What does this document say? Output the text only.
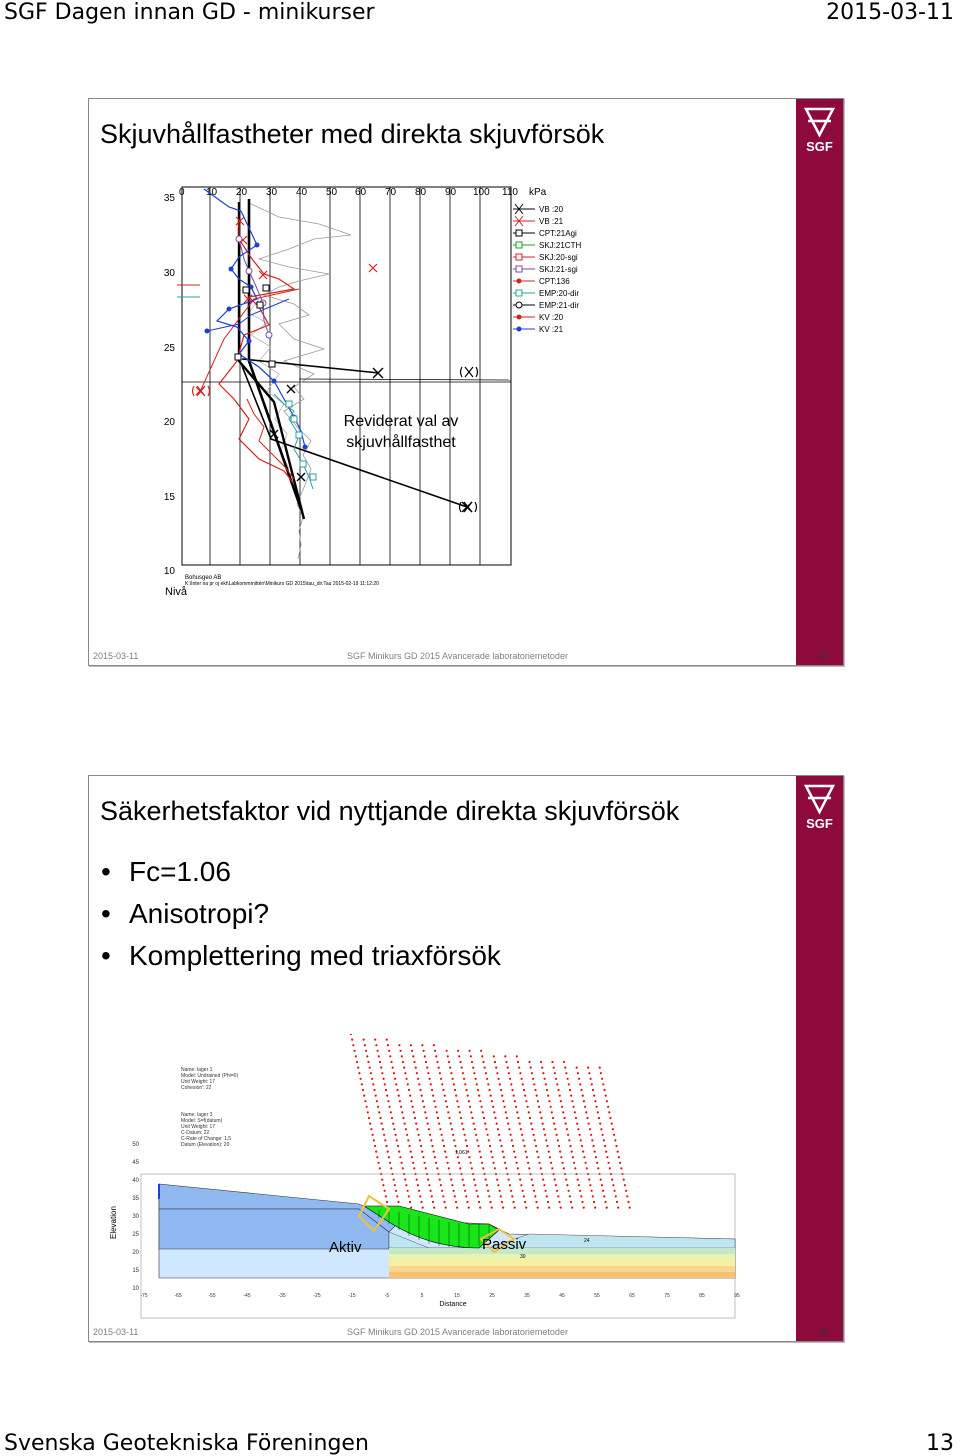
SGF Dagen innan GD - minikurser	2015-03-11
SGF
Skjuvhållfastheter med direkta skjuvförsök
0 10 20 30 40 50 60 70 80 90 100 110 kPa
35
30
25
20
15
10
Nivå
Bohusgeo AB
K:\Inter na pr oj ekt\Labkommmittén\Minikurs GD 2015\tau_dir.Tau 2015-02-19 11:12:20
VB :20
VB :21
CPT:21Agi
SKJ:21CTH
SKJ:20-sgi
SKJ:21-sgi
CPT:136
EMP:20-dir
EMP:21-dir
KV :20
KV :21
Reviderat val av
skjuvhållfasthet
2015-03-11	SGF Minikurs GD 2015 Avancerade laboratoriemetoder	25
SGF
Säkerhetsfaktor vid nyttjande direkta skjuvförsök
• Fc=1.06
• Anisotropi?
• Komplettering med triaxförsök
Name: lager 1
Model: Undrained (Phi=0)
Unit Weight: 17
Cohesion': 22
Name: lager 3
Model: S=f(datum)
Unit Weight: 17
C-Datum: 22
C-Rate of Change: 1,5
Datum (Elevation): 20
50
45
40
35
30
25
20
15
10
Elevation
-75	-65	-55	-45	-35	-25	-15	-5	5	15	25	35	45	55	65	75	85	95
Distance
Aktiv	Passiv
1,061
30
24
2015-03-11	SGF Minikurs GD 2015 Avancerade laboratoriemetoder	26
Svenska Geotekniska Föreningen	13
